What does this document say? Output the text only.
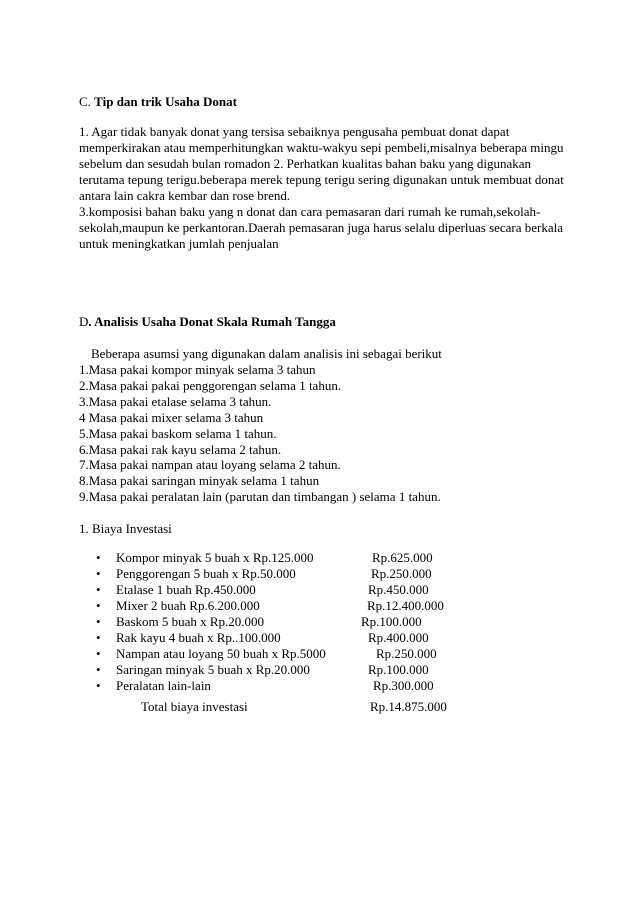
C. Tip dan trik Usaha Donat
1. Agar tidak banyak donat yang tersisa sebaiknya pengusaha pembuat donat dapat
memperkirakan atau memperhitungkan waktu-wakyu sepi pembeli,misalnya beberapa mingu
sebelum dan sesudah bulan romadon 2. Perhatkan kualitas bahan baku yang digunakan
terutama tepung terigu.beberapa merek tepung terigu sering digunakan untuk membuat donat
antara lain cakra kembar dan rose brend.
3.komposisi bahan baku yang n donat dan cara pemasaran dari rumah ke rumah,sekolah-
sekolah,maupun ke perkantoran.Daerah pemasaran juga harus selalu diperluas secara berkala
untuk meningkatkan jumlah penjualan
D. Analisis Usaha Donat Skala Rumah Tangga
Beberapa asumsi yang digunakan dalam analisis ini sebagai berikut
1.Masa pakai kompor minyak selama 3 tahun
2.Masa pakai pakai penggorengan selama 1 tahun.
3.Masa pakai etalase selama 3 tahun.
4 Masa pakai mixer selama 3 tahun
5.Masa pakai baskom selama 1 tahun.
6.Masa pakai rak kayu selama 2 tahun.
7.Masa pakai nampan atau loyang selama 2 tahun.
8.Masa pakai saringan minyak selama 1 tahun
9.Masa pakai peralatan lain (parutan dan timbangan ) selama 1 tahun.
1. Biaya Investasi
• Kompor minyak 5 buah x Rp.125.000	Rp.625.000
• Penggorengan 5 buah x Rp.50.000	Rp.250.000
• Etalase 1 buah Rp.450.000	Rp.450.000
• Mixer 2 buah Rp.6.200.000	Rp.12.400.000
• Baskom 5 buah x Rp.20.000	Rp.100.000
• Rak kayu 4 buah x Rp..100.000	Rp.400.000
• Nampan atau loyang 50 buah x Rp.5000	Rp.250.000
• Saringan minyak 5 buah x Rp.20.000	Rp.100.000
• Peralatan lain-lain	Rp.300.000
Total biaya investasi	Rp.14.875.000
